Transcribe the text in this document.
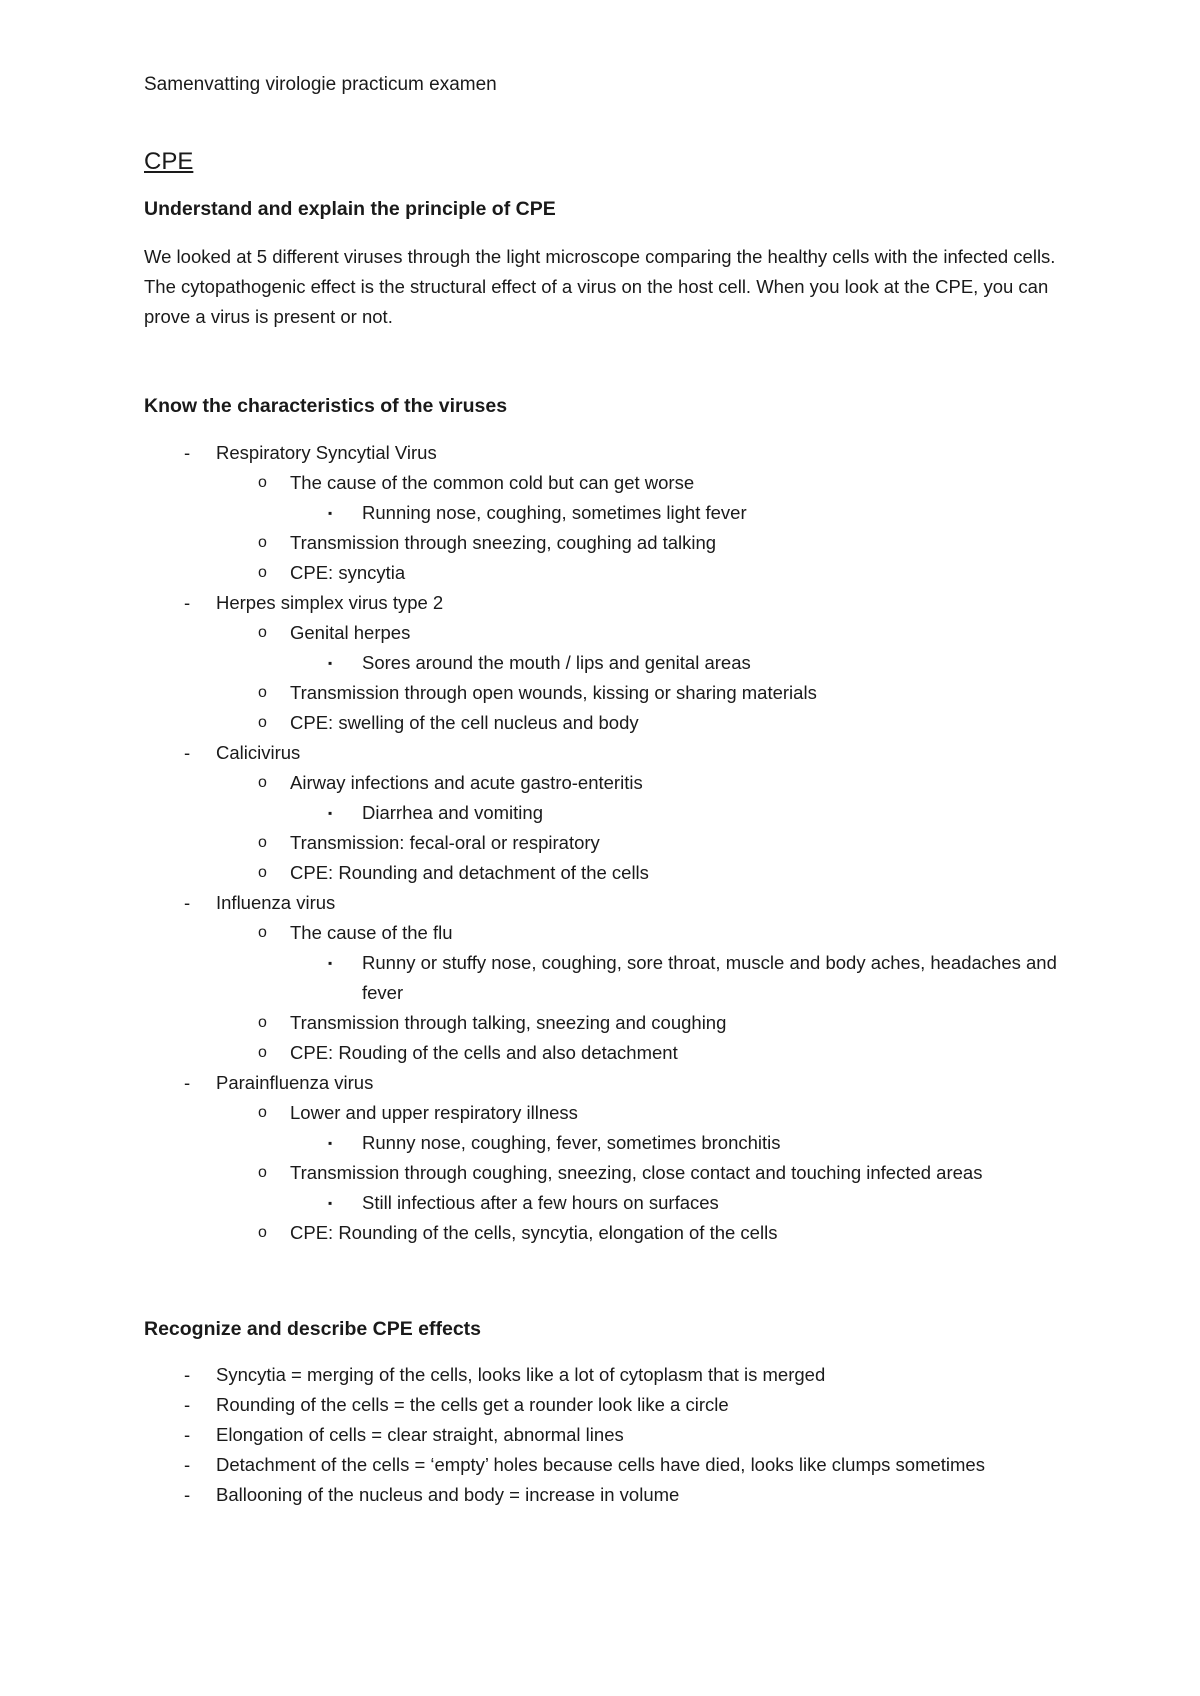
Samenvatting virologie practicum examen
CPE
Understand and explain the principle of CPE
We looked at 5 different viruses through the light microscope comparing the healthy cells with the infected cells. The cytopathogenic effect is the structural effect of a virus on the host cell. When you look at the CPE, you can prove a virus is present or not.
Know the characteristics of the viruses
- Respiratory Syncytial Virus
o The cause of the common cold but can get worse
▪ Running nose, coughing, sometimes light fever
o Transmission through sneezing, coughing ad talking
o CPE: syncytia
- Herpes simplex virus type 2
o Genital herpes
▪ Sores around the mouth / lips and genital areas
o Transmission through open wounds, kissing or sharing materials
o CPE: swelling of the cell nucleus and body
- Calicivirus
o Airway infections and acute gastro-enteritis
▪ Diarrhea and vomiting
o Transmission: fecal-oral or respiratory
o CPE: Rounding and detachment of the cells
- Influenza virus
o The cause of the flu
▪ Runny or stuffy nose, coughing, sore throat, muscle and body aches, headaches and fever
o Transmission through talking, sneezing and coughing
o CPE: Rouding of the cells and also detachment
- Parainfluenza virus
o Lower and upper respiratory illness
▪ Runny nose, coughing, fever, sometimes bronchitis
o Transmission through coughing, sneezing, close contact and touching infected areas
▪ Still infectious after a few hours on surfaces
o CPE: Rounding of the cells, syncytia, elongation of the cells
Recognize and describe CPE effects
- Syncytia = merging of the cells, looks like a lot of cytoplasm that is merged
- Rounding of the cells = the cells get a rounder look like a circle
- Elongation of cells = clear straight, abnormal lines
- Detachment of the cells = ‘empty’ holes because cells have died, looks like clumps sometimes
- Ballooning of the nucleus and body = increase in volume
